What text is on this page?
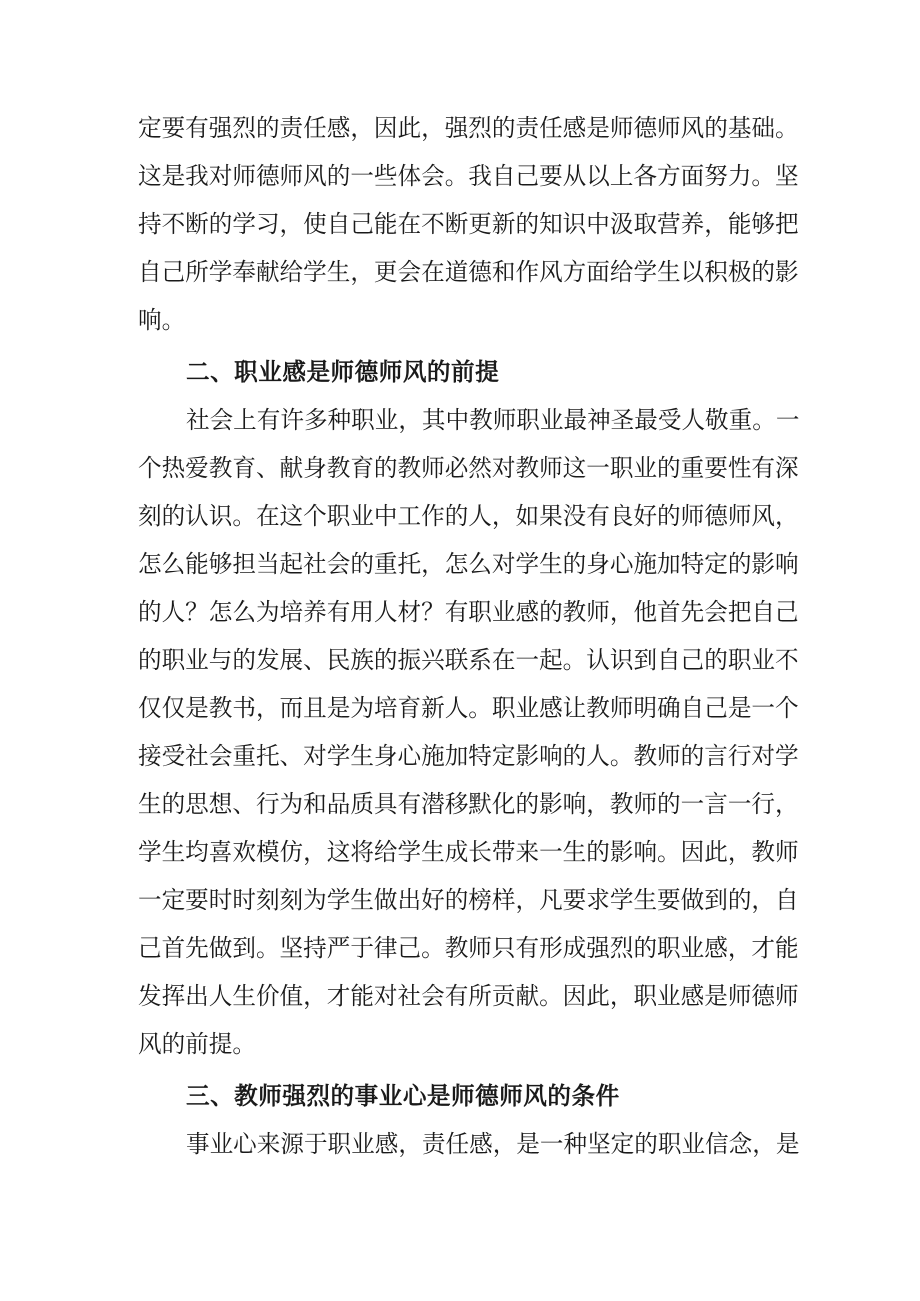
定要有强烈的责任感，因此，强烈的责任感是师德师风的基础。
这是我对师德师风的一些体会。我自己要从以上各方面努力。坚
持不断的学习，使自己能在不断更新的知识中汲取营养，能够把
自己所学奉献给学生，更会在道德和作风方面给学生以积极的影
响。
二、职业感是师德师风的前提
社会上有许多种职业，其中教师职业最神圣最受人敬重。一
个热爱教育、献身教育的教师必然对教师这一职业的重要性有深
刻的认识。在这个职业中工作的人，如果没有良好的师德师风，
怎么能够担当起社会的重托，怎么对学生的身心施加特定的影响
的人？怎么为培养有用人材？有职业感的教师，他首先会把自己
的职业与的发展、民族的振兴联系在一起。认识到自己的职业不
仅仅是教书，而且是为培育新人。职业感让教师明确自己是一个
接受社会重托、对学生身心施加特定影响的人。教师的言行对学
生的思想、行为和品质具有潜移默化的影响，教师的一言一行，
学生均喜欢模仿，这将给学生成长带来一生的影响。因此，教师
一定要时时刻刻为学生做出好的榜样，凡要求学生要做到的，自
己首先做到。坚持严于律己。教师只有形成强烈的职业感，才能
发挥出人生价值，才能对社会有所贡献。因此，职业感是师德师
风的前提。
三、教师强烈的事业心是师德师风的条件
事业心来源于职业感，责任感，是一种坚定的职业信念，是
